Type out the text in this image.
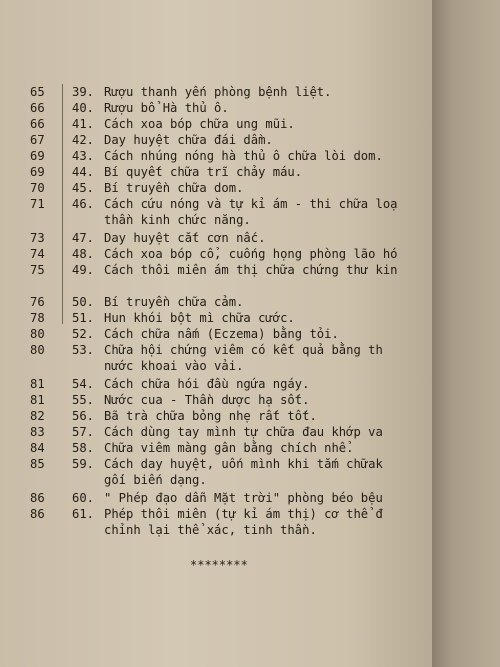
65	39. Rượu thanh yến phòng bệnh liệt.
66	40. Rượu bổ Hà thủ ô.
66	41. Cách xoa bóp chữa ung mũi.
67	42. Day huyệt chữa đái dầm.
69	43. Cách nhúng nóng hà thủ ô chữa lòi dom.
69	44. Bí quyết chữa trĩ chảy máu.
70	45. Bí truyền chữa dom.
71	46. Cách cứu nóng và tự kỉ ám - thi chữa loạ
thần kinh chức năng.
73	47. Day huyệt cắt cơn nấc.
74	48. Cách xoa bóp cổ, cuống họng phòng lão hó
75	49. Cách thôi miên ám thị chữa chứng thư kin
76	50. Bí truyền chữa cảm.
78	51. Hun khói bột mì chữa cước.
80	52. Cách chữa nấm (Eczema) bằng tỏi.
80	53. Chữa hội chứng viêm có kết quả bằng th
nước khoai vào vải.
81	54. Cách chữa hói đầu ngứa ngáy.
81	55. Nước cua - Thần dược hạ sốt.
82	56. Bã trà chữa bỏng nhẹ rất tốt.
83	57. Cách dùng tay mình tự chữa đau khớp va
84	58. Chữa viêm màng gân bằng chích nhể.
85	59. Cách day huyệt, uốn mình khi tắm chữak
gối biến dạng.
86	60. " Phép đạo dẫn Mặt trời" phòng béo bệu
86	61. Phép thôi miên (tự kỉ ám thị) cơ thể đ
chỉnh lại thể xác, tinh thần.
********
